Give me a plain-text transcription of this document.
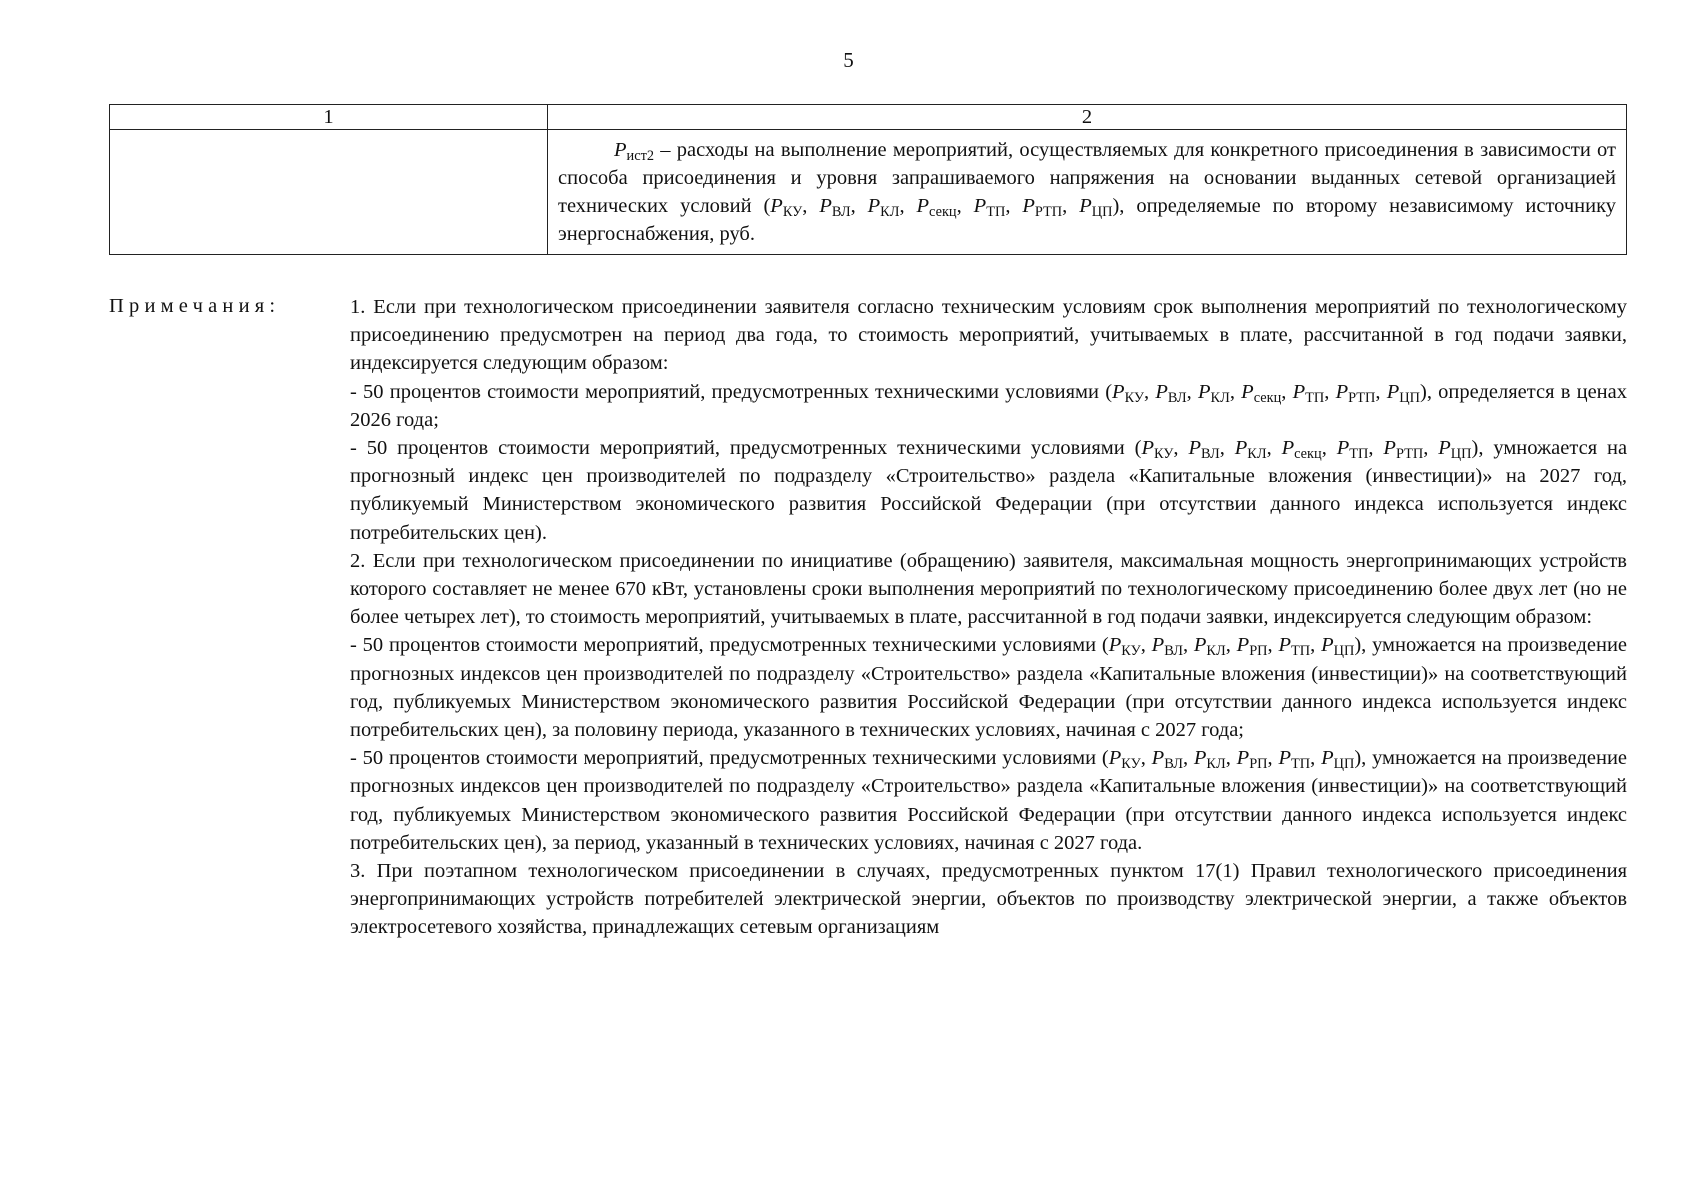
5
1	2
	$P_{ист2}$ – расходы на выполнение мероприятий, осуществляемых для конкретного присоединения в зависимости от способа присоединения и уровня запрашиваемого напряжения на основании выданных сетевой организацией технических условий ($P_{КУ}$, $P_{ВЛ}$, $P_{КЛ}$, $P_{секц}$, $P_{ТП}$, $P_{РТП}$, $P_{ЦП}$), определяемые по второму независимому источнику энергоснабжения, руб.
Примечания:	1. Если при технологическом присоединении заявителя согласно техническим условиям срок выполнения мероприятий по технологическому присоединению предусмотрен на период два года, то стоимость мероприятий, учитываемых в плате, рассчитанной в год подачи заявки, индексируется следующим образом:

- 50 процентов стоимости мероприятий, предусмотренных техническими условиями ($P_{КУ}$, $P_{ВЛ}$, $P_{КЛ}$, $P_{секц}$, $P_{ТП}$, $P_{РТП}$, $P_{ЦП}$), определяется в ценах 2026 года;

- 50 процентов стоимости мероприятий, предусмотренных техническими условиями ($P_{КУ}$, $P_{ВЛ}$, $P_{КЛ}$, $P_{секц}$, $P_{ТП}$, $P_{РТП}$, $P_{ЦП}$), умножается на прогнозный индекс цен производителей по подразделу «Строительство» раздела «Капитальные вложения (инвестиции)» на 2027 год, публикуемый Министерством экономического развития Российской Федерации (при отсутствии данного индекса используется индекс потребительских цен).

2. Если при технологическом присоединении по инициативе (обращению) заявителя, максимальная мощность энергопринимающих устройств которого составляет не менее 670 кВт, установлены сроки выполнения мероприятий по технологическому присоединению более двух лет (но не более четырех лет), то стоимость мероприятий, учитываемых в плате, рассчитанной в год подачи заявки, индексируется следующим образом:

- 50 процентов стоимости мероприятий, предусмотренных техническими условиями ($P_{КУ}$, $P_{ВЛ}$, $P_{КЛ}$, $P_{РП}$, $P_{ТП}$, $P_{ЦП}$), умножается на произведение прогнозных индексов цен производителей по подразделу «Строительство» раздела «Капитальные вложения (инвестиции)» на соответствующий год, публикуемых Министерством экономического развития Российской Федерации (при отсутствии данного индекса используется индекс потребительских цен), за половину периода, указанного в технических условиях, начиная с 2027 года;

- 50 процентов стоимости мероприятий, предусмотренных техническими условиями ($P_{КУ}$, $P_{ВЛ}$, $P_{КЛ}$, $P_{РП}$, $P_{ТП}$, $P_{ЦП}$), умножается на произведение прогнозных индексов цен производителей по подразделу «Строительство» раздела «Капитальные вложения (инвестиции)» на соответствующий год, публикуемых Министерством экономического развития Российской Федерации (при отсутствии данного индекса используется индекс потребительских цен), за период, указанный в технических условиях, начиная с 2027 года.

3. При поэтапном технологическом присоединении в случаях, предусмотренных пунктом 17(1) Правил технологического присоединения энергопринимающих устройств потребителей электрической энергии, объектов по производству электрической энергии, а также объектов электросетевого хозяйства, принадлежащих сетевым организациям
